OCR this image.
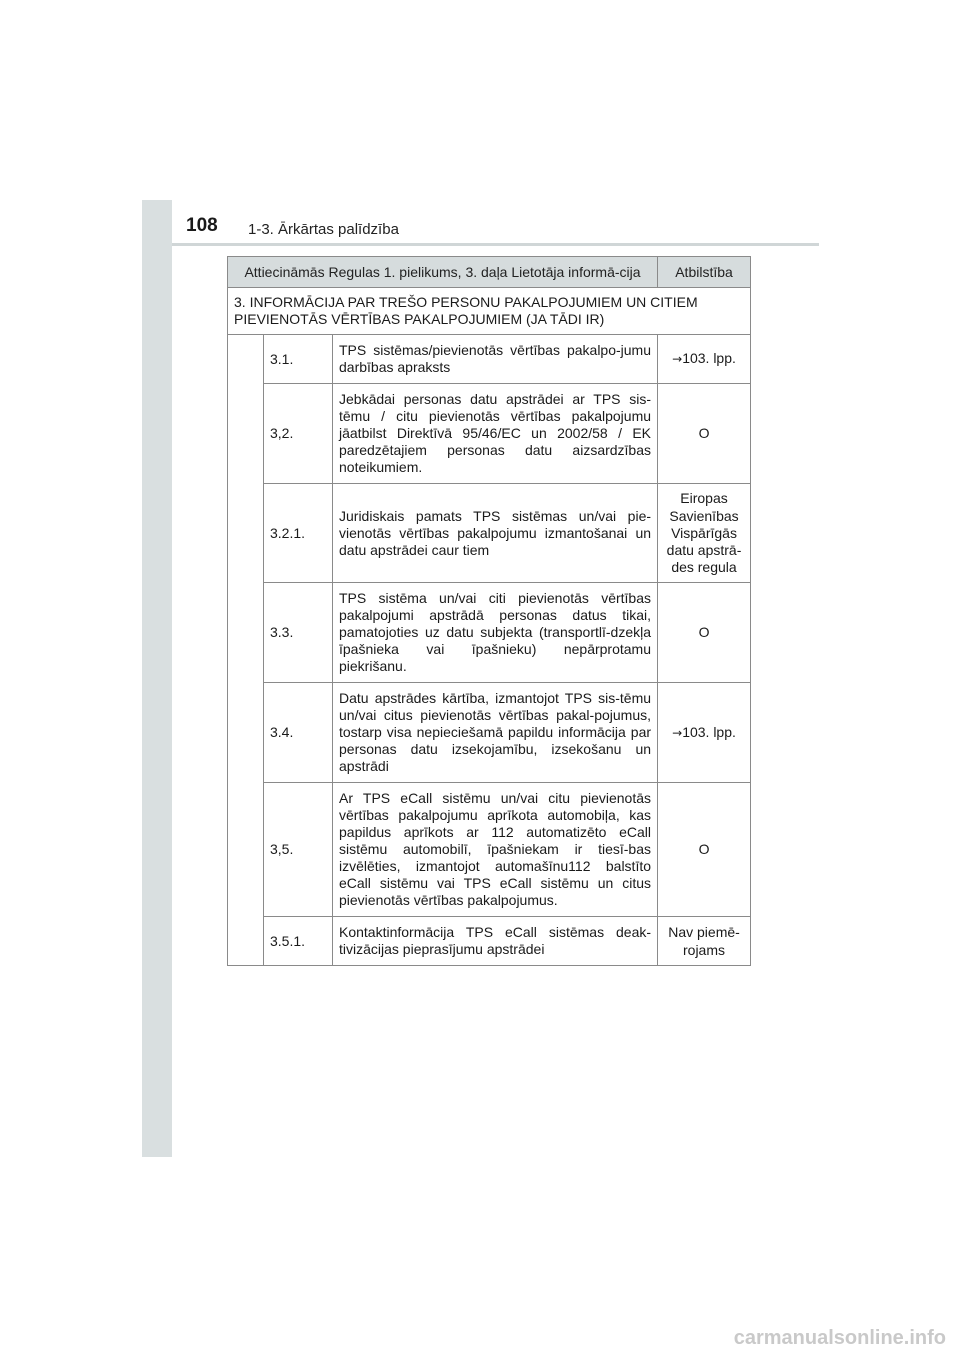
108 1-3. Ārkārtas palīdzība
Attiecināmās Regulas 1. pielikums, 3. daļa Lietotāja informā-cija			Atbilstība
3. INFORMĀCIJA PAR TREŠO PERSONU PAKALPOJUMIEM UN CITIEM PIEVIENOTĀS VĒRTĪBAS PAKALPOJUMIEM (JA TĀDI IR)			
	3.1.	TPS sistēmas/pievienotās vērtības pakalpo-jumu darbības apraksts	→103. lpp.
	3,2.	Jebkādai personas datu apstrādei ar TPS sis-tēmu / citu pievienotās vērtības pakalpojumu jāatbilst Direktīvā 95/46/EC un 2002/58 / EK paredzētajiem personas datu aizsardzības noteikumiem.	O
	3.2.1.	Juridiskais pamats TPS sistēmas un/vai pie-vienotās vērtības pakalpojumu izmantošanai un datu apstrādei caur tiem	Eiropas Savienības Vispārīgās datu apstrā-des regula
	3.3.	TPS sistēma un/vai citi pievienotās vērtības pakalpojumi apstrādā personas datus tikai, pamatojoties uz datu subjekta (transportlī-dzekļa īpašnieka vai īpašnieku) nepārprotamu piekrišanu.	O
	3.4.	Datu apstrādes kārtība, izmantojot TPS sis-tēmu un/vai citus pievienotās vērtības pakal-pojumus, tostarp visa nepieciešamā papildu informācija par personas datu izsekojamību, izsekošanu un apstrādi	→103. lpp.
	3,5.	Ar TPS eCall sistēmu un/vai citu pievienotās vērtības pakalpojumu aprīkota automobiļa, kas papildus aprīkots ar 112 automatizēto eCall sistēmu automobilī, īpašniekam ir tiesī-bas izvēlēties, izmantojot automašīnu112 balstīto eCall sistēmu vai TPS eCall sistēmu un citus pievienotās vērtības pakalpojumus.	O
	3.5.1.	Kontaktinformācija TPS eCall sistēmas deak-tivizācijas pieprasījumu apstrādei	Nav piemē-rojams
carmanualsonline.info
